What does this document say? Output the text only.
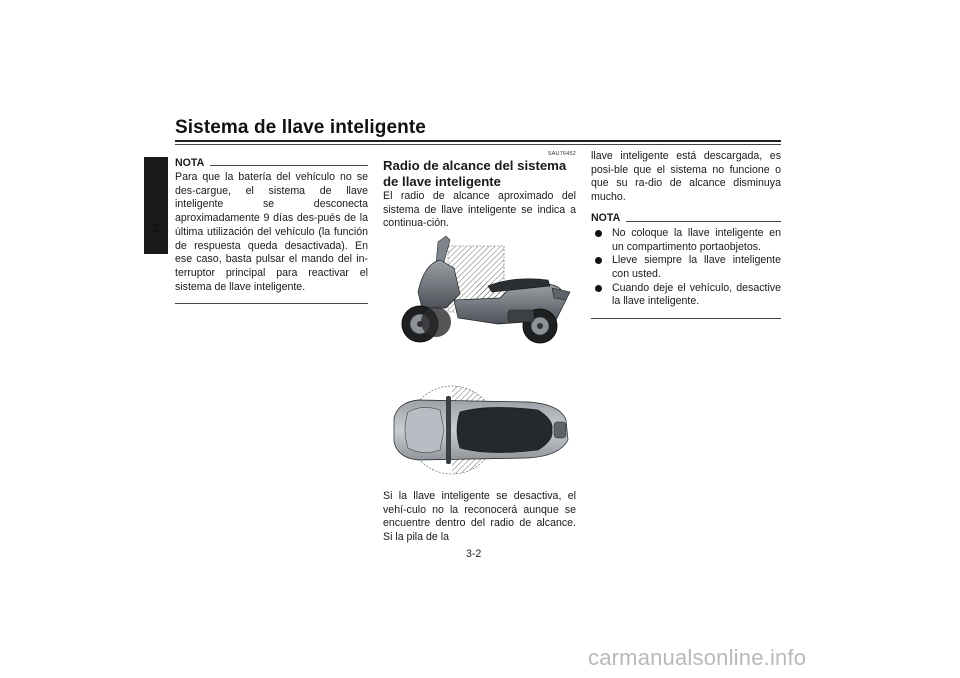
Sistema de llave inteligente
3
NOTA

Para que la batería del vehículo no se des-cargue, el sistema de llave inteligente se desconecta aproximadamente 9 días des-pués de la última utilización del vehículo (la función de respuesta queda desactivada). En ese caso, basta pulsar el mando del in-terruptor principal para reactivar el sistema de llave inteligente.

SAU76452
Radio de alcance del sistema de llave inteligente

El radio de alcance aproximado del sistema de llave inteligente se indica a continua-ción.

Si la llave inteligente se desactiva, el vehí-culo no la reconocerá aunque se encuentre dentro del radio de alcance. Si la pila de la

llave inteligente está descargada, es posi-ble que el sistema no funcione o que su ra-dio de alcance disminuya mucho.

NOTA
No coloque la llave inteligente en un compartimento portaobjetos.
Lleve siempre la llave inteligente con usted.
Cuando deje el vehículo, desactive la llave inteligente.
3-2
carmanualsonline.info
